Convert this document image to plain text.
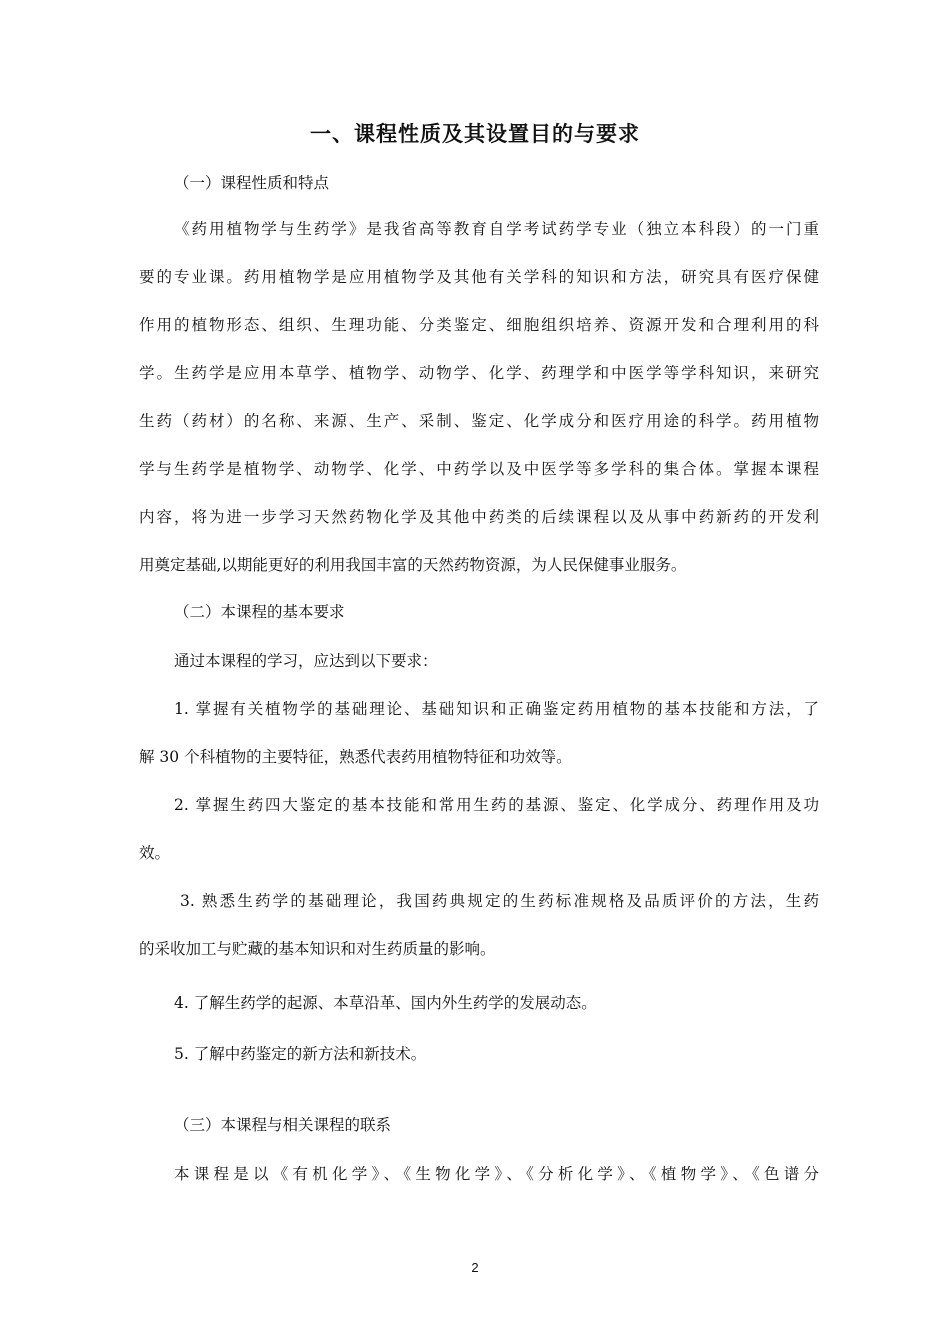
一、课程性质及其设置目的与要求
（一）课程性质和特点
《药用植物学与生药学》是我省高等教育自学考试药学专业（独立本科段）的一门重
要的专业课。药用植物学是应用植物学及其他有关学科的知识和方法，研究具有医疗保健
作用的植物形态、组织、生理功能、分类鉴定、细胞组织培养、资源开发和合理利用的科
学。生药学是应用本草学、植物学、动物学、化学、药理学和中医学等学科知识，来研究
生药（药材）的名称、来源、生产、采制、鉴定、化学成分和医疗用途的科学。药用植物
学与生药学是植物学、动物学、化学、中药学以及中医学等多学科的集合体。掌握本课程
内容，将为进一步学习天然药物化学及其他中药类的后续课程以及从事中药新药的开发利
用奠定基础,以期能更好的利用我国丰富的天然药物资源，为人民保健事业服务。
（二）本课程的基本要求
通过本课程的学习，应达到以下要求：
1. 掌握有关植物学的基础理论、基础知识和正确鉴定药用植物的基本技能和方法，了
解 30 个科植物的主要特征，熟悉代表药用植物特征和功效等。
2. 掌握生药四大鉴定的基本技能和常用生药的基源、鉴定、化学成分、药理作用及功
效。
3. 熟悉生药学的基础理论，我国药典规定的生药标准规格及品质评价的方法，生药
的采收加工与贮藏的基本知识和对生药质量的影响。
4. 了解生药学的起源、本草沿革、国内外生药学的发展动态。
5. 了解中药鉴定的新方法和新技术。
（三）本课程与相关课程的联系
本课程是以《有机化学》、《生物化学》、《分析化学》、《植物学》、《色谱分
2
